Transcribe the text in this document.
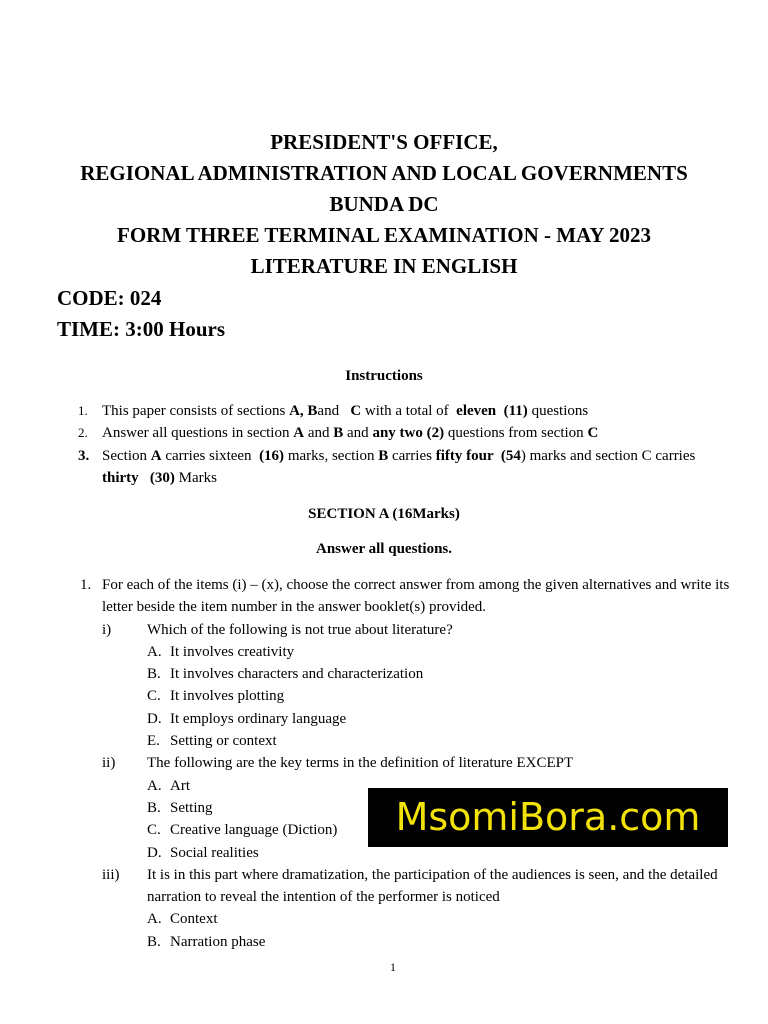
PRESIDENT'S OFFICE,
REGIONAL ADMINISTRATION AND LOCAL GOVERNMENTS
BUNDA DC
FORM THREE TERMINAL EXAMINATION - MAY 2023
LITERATURE IN ENGLISH
CODE: 024
TIME: 3:00 Hours
Instructions
1. This paper consists of sections A, Band   C with a total of  eleven  (11) questions
2. Answer all questions in section A and B and any two (2) questions from section C
3. Section A carries sixteen  (16) marks, section B carries fifty four  (54) marks and section C carries thirty   (30) Marks
SECTION A (16Marks)
Answer all questions.
1. For each of the items (i) – (x), choose the correct answer from among the given alternatives and write its letter beside the item number in the answer booklet(s) provided.
i) Which of the following is not true about literature?
A. It involves creativity
B. It involves characters and characterization
C. It involves plotting
D. It employs ordinary language
E. Setting or context
ii) The following are the key terms in the definition of literature EXCEPT
A. Art
B. Setting
C. Creative language (Diction)
D. Social realities
iii) It is in this part where dramatization, the participation of the audiences is seen, and the detailed narration to reveal the intention of the performer is noticed
A. Context
B. Narration phase
MsomiBora.com
1
